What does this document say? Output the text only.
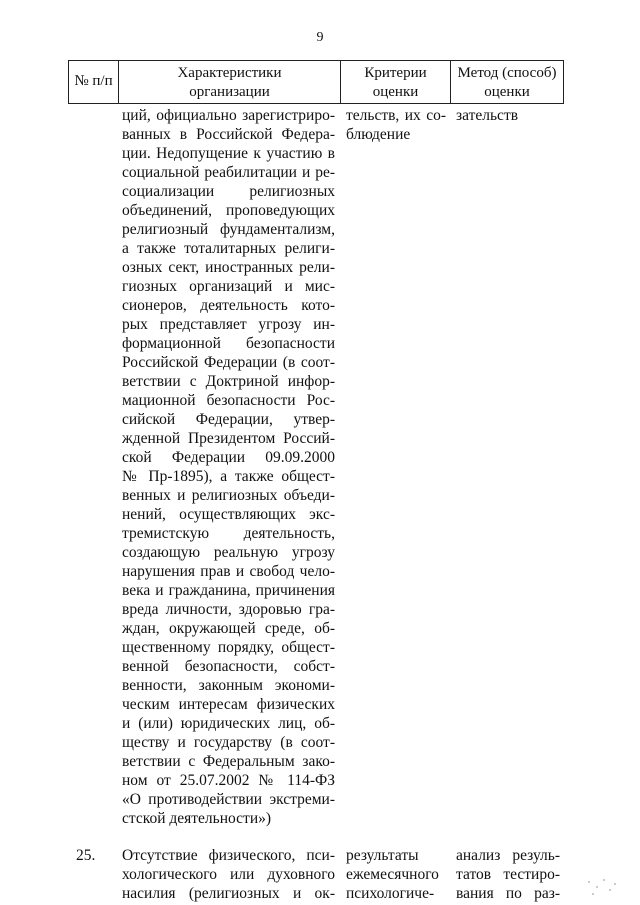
9
№ п/п	Характеристики
организации
Критерии
оценки
Метод (способ)
оценки
ций, официально зарегистриро-
ванных в Российской Федера-
ции. Недопущение к участию в
социальной реабилитации и ре-
социализации религиозных
объединений, проповедующих
религиозный фундаментализм,
а также тоталитарных религи-
озных сект, иностранных рели-
гиозных организаций и мис-
сионеров, деятельность кото-
рых представляет угрозу ин-
формационной безопасности
Российской Федерации (в соот-
ветствии с Доктриной инфор-
мационной безопасности Рос-
сийской Федерации, утвер-
жденной Президентом Россий-
ской Федерации 09.09.2000
№ Пр-1895), а также общест-
венных и религиозных объеди-
нений, осуществляющих экс-
тремистскую деятельность,
создающую реальную угрозу
нарушения прав и свобод чело-
века и гражданина, причинения
вреда личности, здоровью гра-
ждан, окружающей среде, об-
щественному порядку, общест-
венной безопасности, собст-
венности, законным экономи-
ческим интересам физических
и (или) юридических лиц, об-
ществу и государству (в соот-
ветствии с Федеральным зако-
ном от 25.07.2002 № 114-ФЗ
«О противодействии экстреми-
стской деятельности»)
тельств, их со-
блюдение
зательств
25.	Отсутствие физического, пси-
хологического или духовного
насилия (религиозных и ок-
результаты
ежемесячного
психологиче-
анализ резуль-
татов тестиро-
вания по раз-
